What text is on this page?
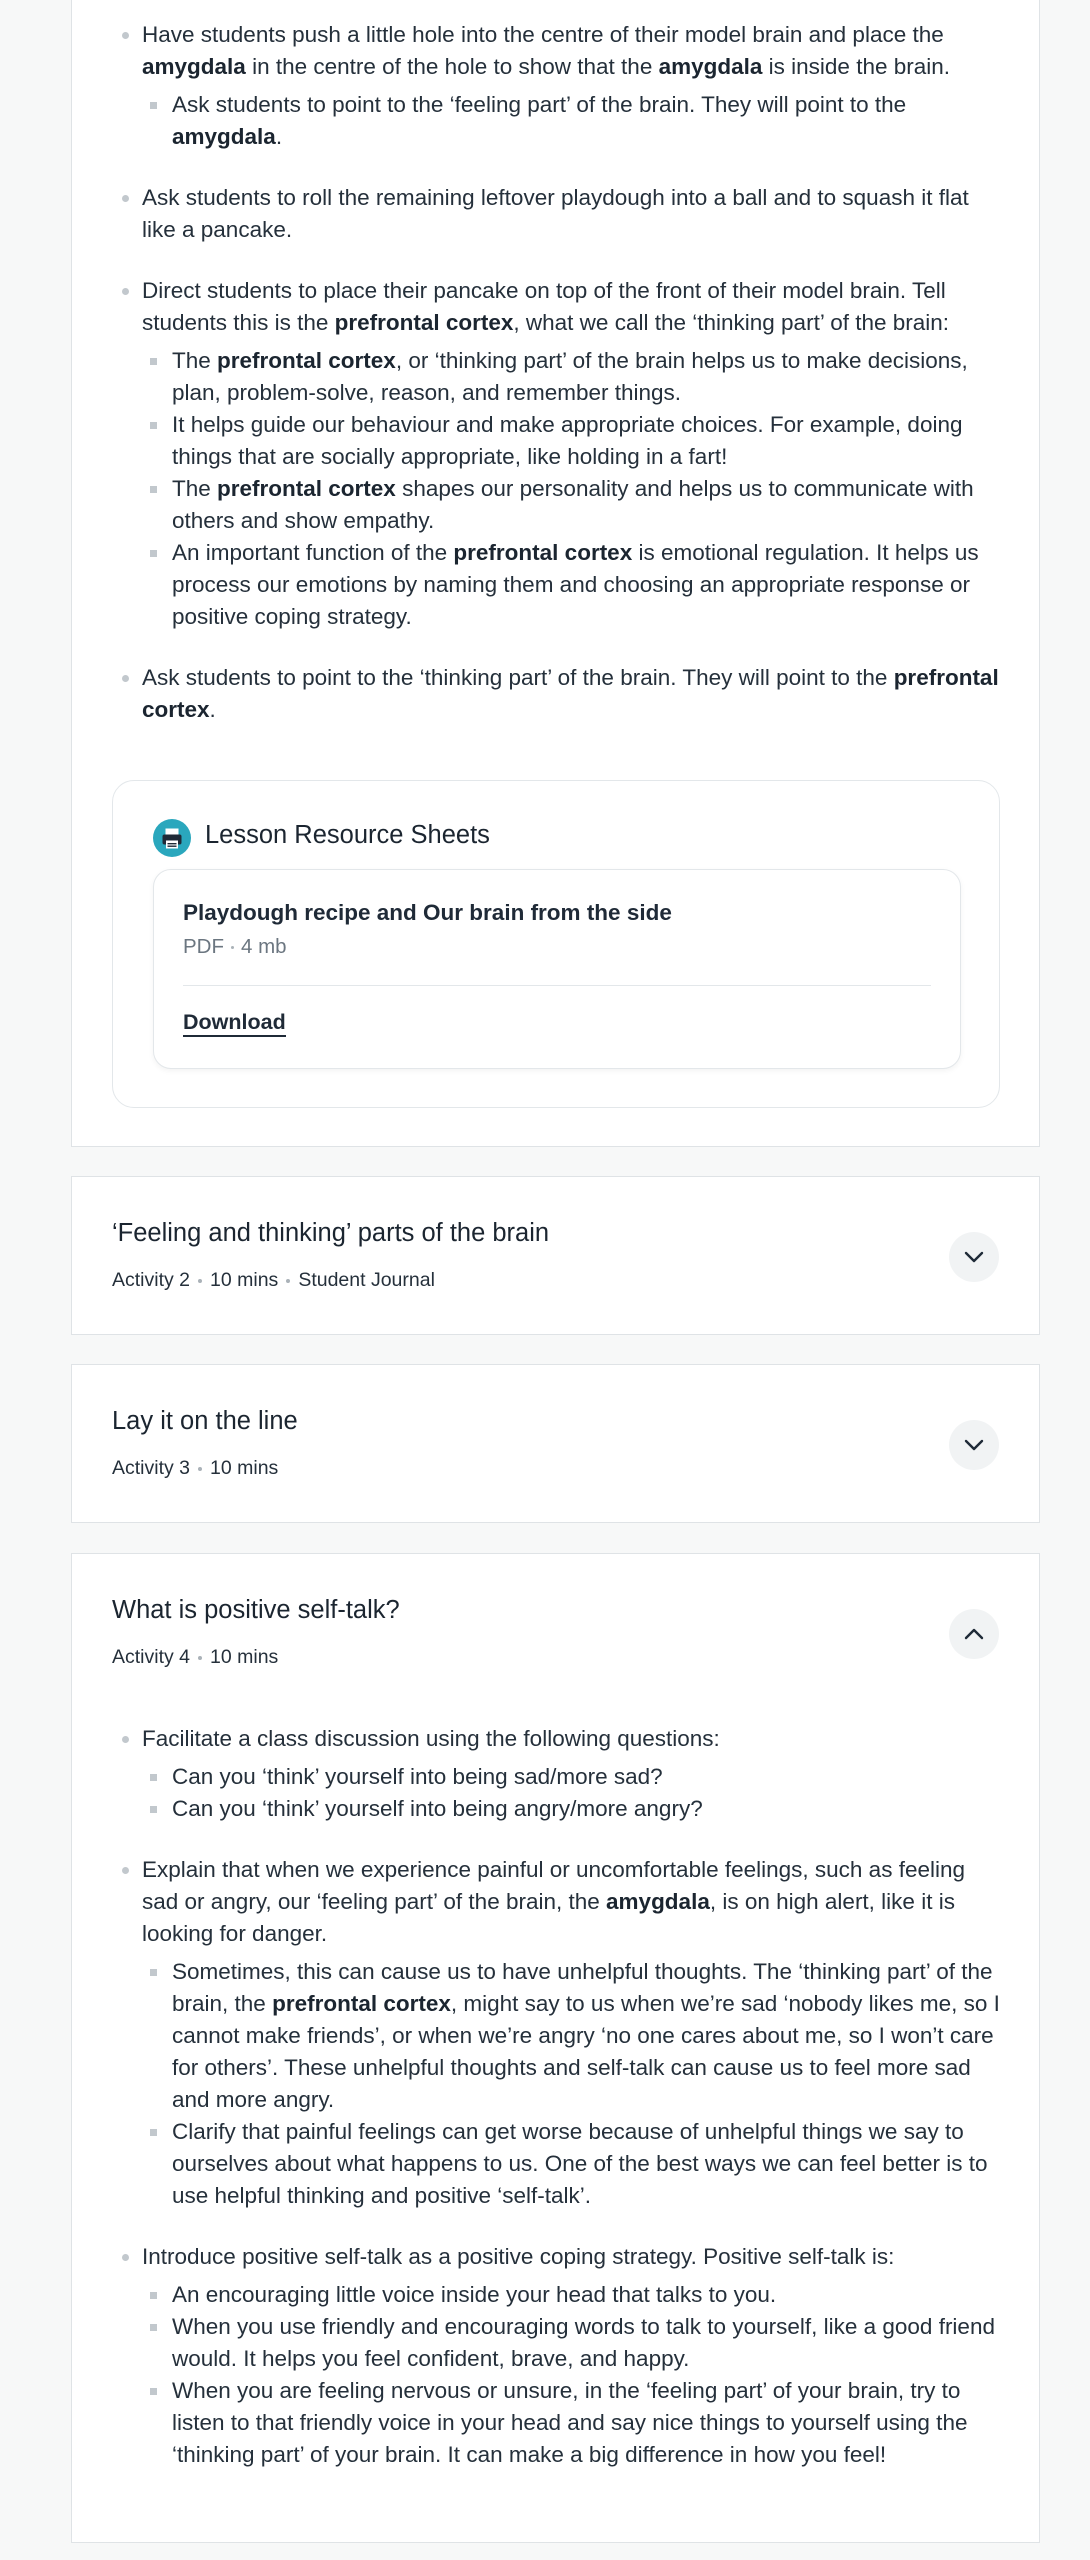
Have students push a little hole into the centre of their model brain and place the amygdala in the centre of the hole to show that the amygdala is inside the brain.
Ask students to point to the ‘feeling part’ of the brain. They will point to the amygdala.
Ask students to roll the remaining leftover playdough into a ball and to squash it flat like a pancake.
Direct students to place their pancake on top of the front of their model brain. Tell students this is the prefrontal cortex, what we call the ‘thinking part’ of the brain:
The prefrontal cortex, or ‘thinking part’ of the brain helps us to make decisions, plan, problem-solve, reason, and remember things.
It helps guide our behaviour and make appropriate choices. For example, doing things that are socially appropriate, like holding in a fart!
The prefrontal cortex shapes our personality and helps us to communicate with others and show empathy.
An important function of the prefrontal cortex is emotional regulation. It helps us process our emotions by naming them and choosing an appropriate response or positive coping strategy.
Ask students to point to the ‘thinking part’ of the brain. They will point to the prefrontal cortex.
Lesson Resource Sheets
Playdough recipe and Our brain from the side
PDF 4 mb
Download
‘Feeling and thinking’ parts of the brain
Activity 2 10 mins Student Journal
Lay it on the line
Activity 3 10 mins
What is positive self-talk?
Activity 4 10 mins
Facilitate a class discussion using the following questions:
Can you ‘think’ yourself into being sad/more sad?
Can you ‘think’ yourself into being angry/more angry?
Explain that when we experience painful or uncomfortable feelings, such as feeling sad or angry, our ‘feeling part’ of the brain, the amygdala, is on high alert, like it is looking for danger.
Sometimes, this can cause us to have unhelpful thoughts. The ‘thinking part’ of the brain, the prefrontal cortex, might say to us when we’re sad ‘nobody likes me, so I cannot make friends’, or when we’re angry ‘no one cares about me, so I won’t care for others’. These unhelpful thoughts and self-talk can cause us to feel more sad and more angry.
Clarify that painful feelings can get worse because of unhelpful things we say to ourselves about what happens to us. One of the best ways we can feel better is to use helpful thinking and positive ‘self-talk’.
Introduce positive self-talk as a positive coping strategy. Positive self-talk is:
An encouraging little voice inside your head that talks to you.
When you use friendly and encouraging words to talk to yourself, like a good friend would. It helps you feel confident, brave, and happy.
When you are feeling nervous or unsure, in the ‘feeling part’ of your brain, try to listen to that friendly voice in your head and say nice things to yourself using the ‘thinking part’ of your brain. It can make a big difference in how you feel!
